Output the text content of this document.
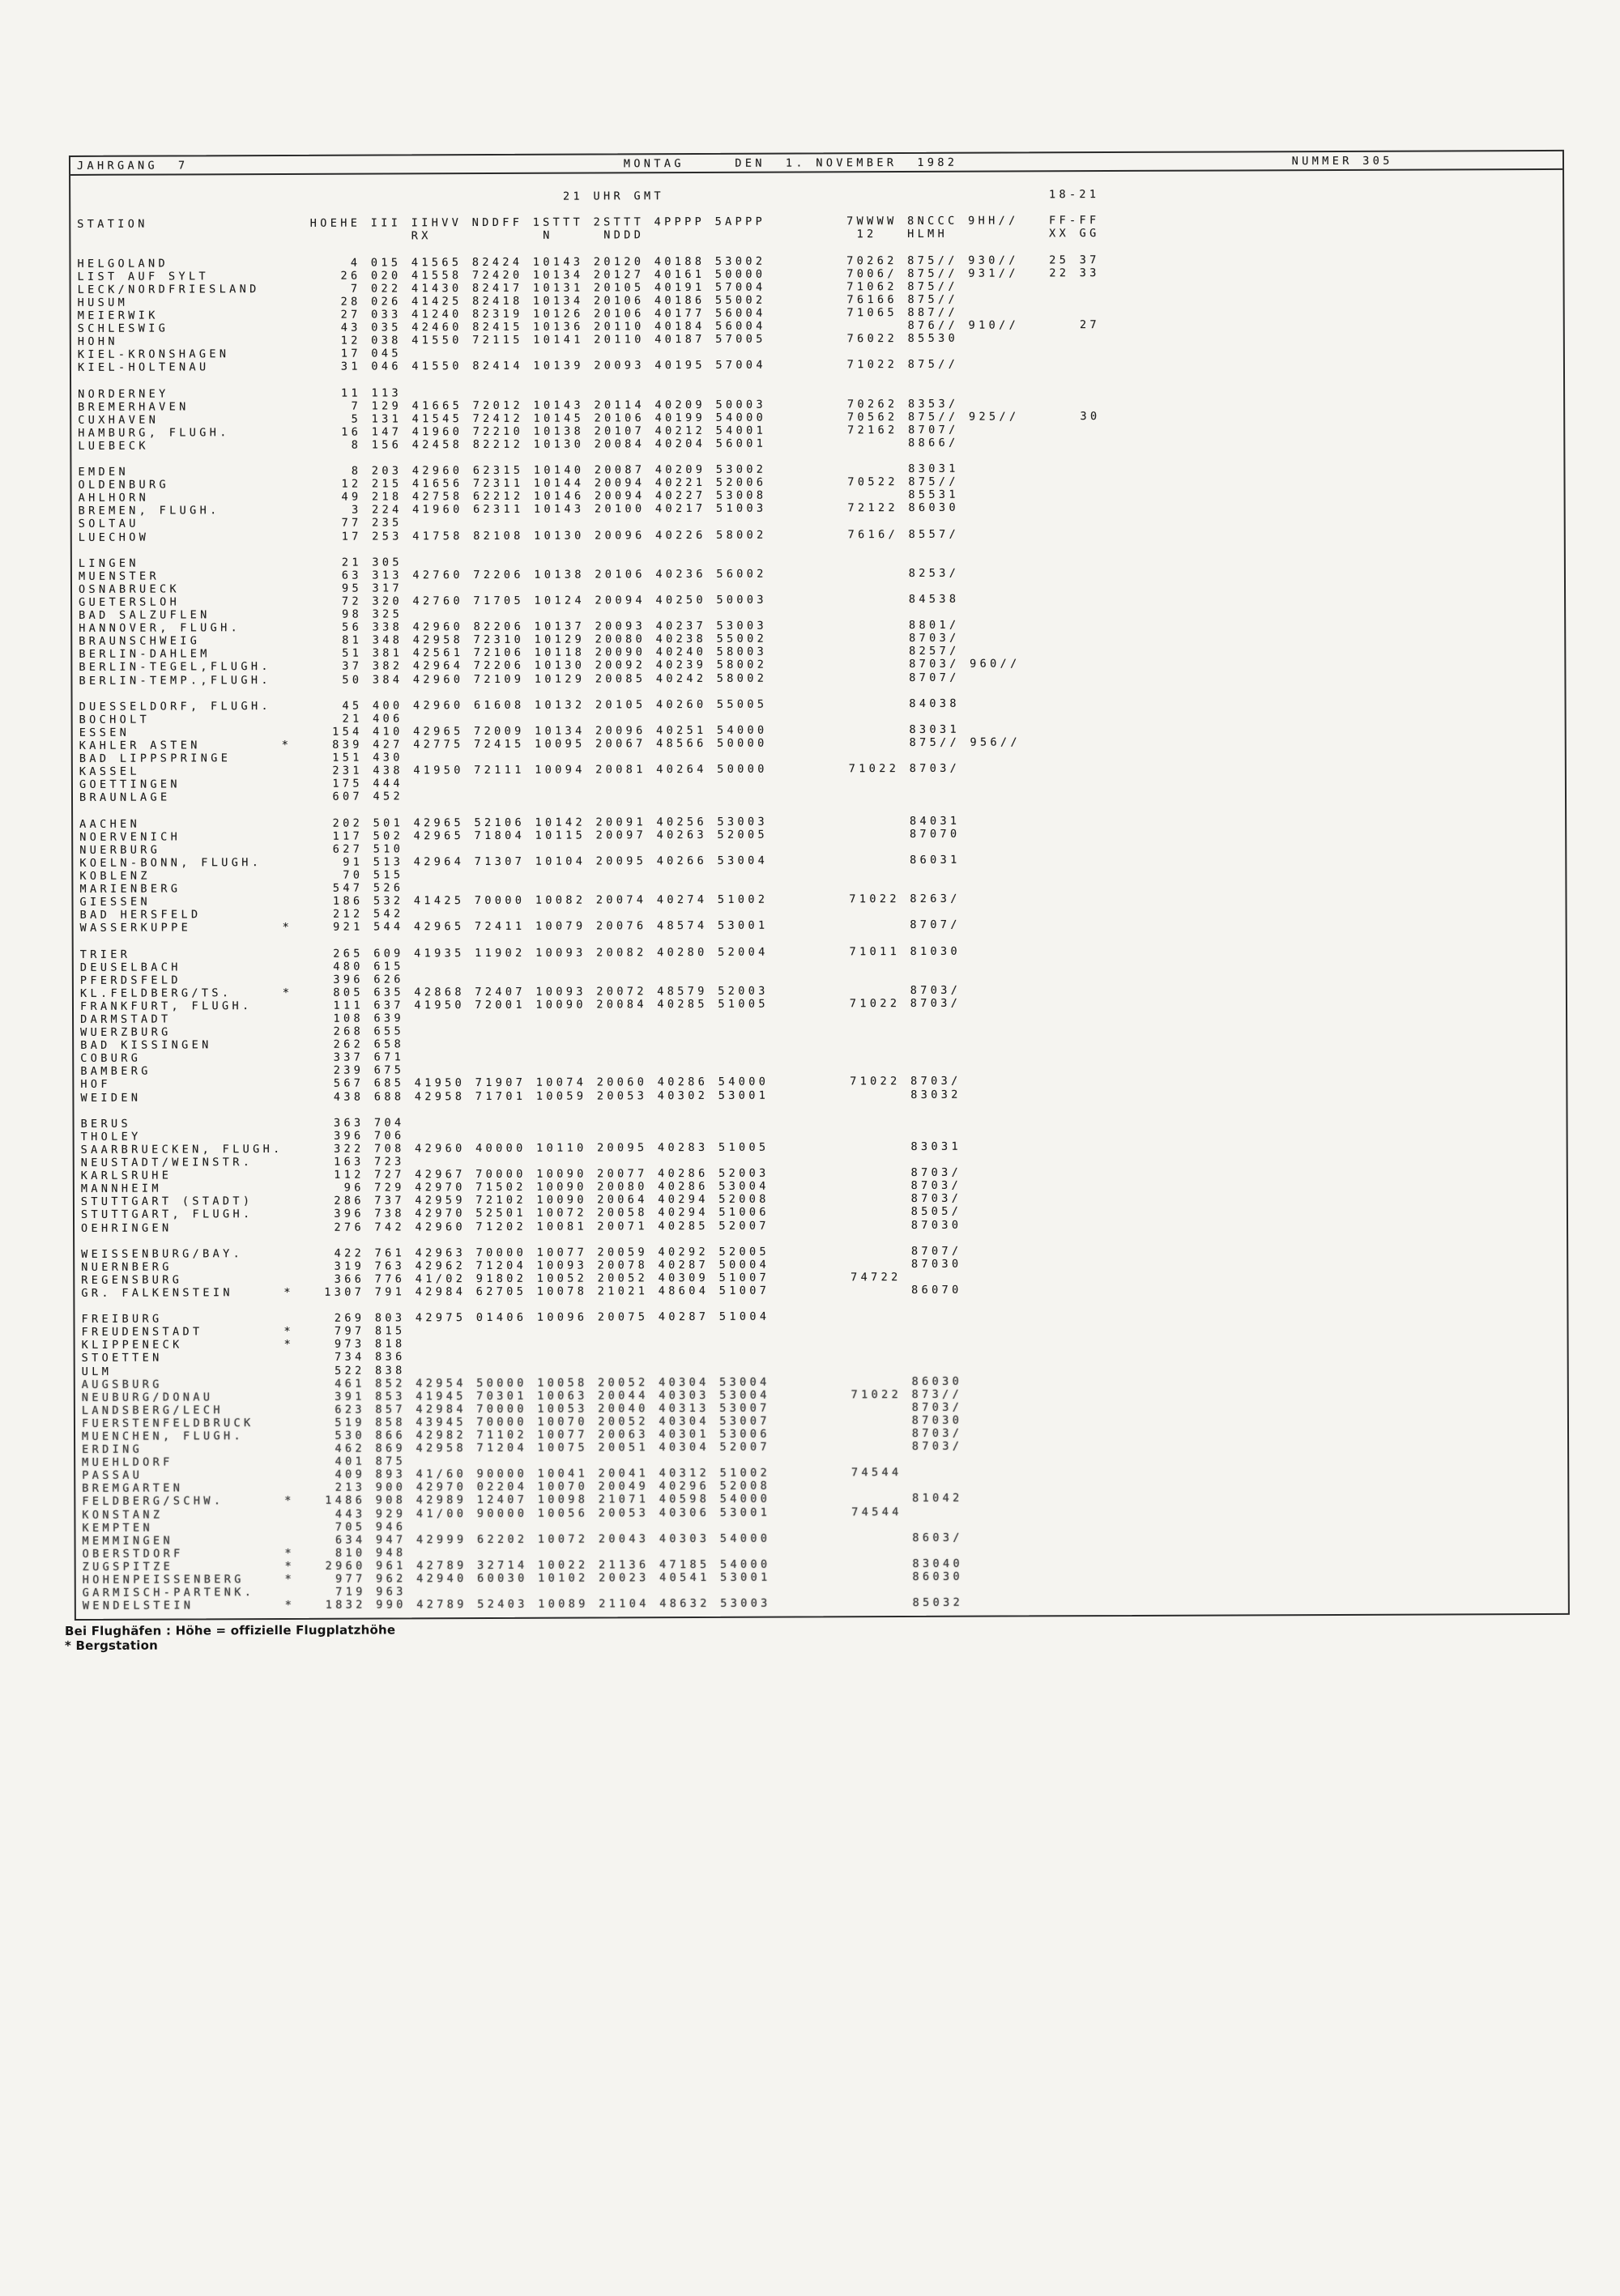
JAHRGANG  7                                           MONTAG     DEN  1. NOVEMBER  1982                                 NUMMER 305

21 UHR GMT                                      18-21

STATION                HOEHE III IIHVV NDDFF 1STTT 2STTT 4PPPP 5APPP        7WWWW 8NCCC 9HH//   FF-FF
RX           N     NDDD                     12   HLMH          XX GG

HELGOLAND                  4 015 41565 82424 10143 20120 40188 53002        70262 875// 930//   25 37
LIST AUF SYLT             26 020 41558 72420 10134 20127 40161 50000        7006/ 875// 931//   22 33
LECK/NORDFRIESLAND         7 022 41430 82417 10131 20105 40191 57004        71062 875//
HUSUM                     28 026 41425 82418 10134 20106 40186 55002        76166 875//
MEIERWIK                  27 033 41240 82319 10126 20106 40177 56004        71065 887//
SCHLESWIG                 43 035 42460 82415 10136 20110 40184 56004              876// 910//      27
HOHN                      12 038 41550 72115 10141 20110 40187 57005        76022 85530
KIEL-KRONSHAGEN           17 045
KIEL-HOLTENAU             31 046 41550 82414 10139 20093 40195 57004        71022 875//

NORDERNEY                 11 113
BREMERHAVEN                7 129 41665 72012 10143 20114 40209 50003        70262 8353/
CUXHAVEN                   5 131 41545 72412 10145 20106 40199 54000        70562 875// 925//      30
HAMBURG, FLUGH.           16 147 41960 72210 10138 20107 40212 54001        72162 8707/
LUEBECK                    8 156 42458 82212 10130 20084 40204 56001              8866/

EMDEN                      8 203 42960 62315 10140 20087 40209 53002              83031
OLDENBURG                 12 215 41656 72311 10144 20094 40221 52006        70522 875//
AHLHORN                   49 218 42758 62212 10146 20094 40227 53008              85531
BREMEN, FLUGH.             3 224 41960 62311 10143 20100 40217 51003        72122 86030
SOLTAU                    77 235
LUECHOW                   17 253 41758 82108 10130 20096 40226 58002        7616/ 8557/

LINGEN                    21 305
MUENSTER                  63 313 42760 72206 10138 20106 40236 56002              8253/
OSNABRUECK                95 317
GUETERSLOH                72 320 42760 71705 10124 20094 40250 50003              84538
BAD SALZUFLEN             98 325
HANNOVER, FLUGH.          56 338 42960 82206 10137 20093 40237 53003              8801/
BRAUNSCHWEIG              81 348 42958 72310 10129 20080 40238 55002              8703/
BERLIN-DAHLEM             51 381 42561 72106 10118 20090 40240 58003              8257/
BERLIN-TEGEL,FLUGH.       37 382 42964 72206 10130 20092 40239 58002              8703/ 960//
BERLIN-TEMP.,FLUGH.       50 384 42960 72109 10129 20085 40242 58002              8707/

DUESSELDORF, FLUGH.       45 400 42960 61608 10132 20105 40260 55005              84038
BOCHOLT                   21 406
ESSEN                    154 410 42965 72009 10134 20096 40251 54000              83031
KAHLER ASTEN        *    839 427 42775 72415 10095 20067 48566 50000              875// 956//
BAD LIPPSPRINGE          151 430
KASSEL                   231 438 41950 72111 10094 20081 40264 50000        71022 8703/
GOETTINGEN               175 444
BRAUNLAGE                607 452

AACHEN                   202 501 42965 52106 10142 20091 40256 53003              84031
NOERVENICH               117 502 42965 71804 10115 20097 40263 52005              87070
NUERBURG                 627 510
KOELN-BONN, FLUGH.        91 513 42964 71307 10104 20095 40266 53004              86031
KOBLENZ                   70 515
MARIENBERG               547 526
GIESSEN                  186 532 41425 70000 10082 20074 40274 51002        71022 8263/
BAD HERSFELD             212 542
WASSERKUPPE         *    921 544 42965 72411 10079 20076 48574 53001              8707/

TRIER                    265 609 41935 11902 10093 20082 40280 52004        71011 81030
DEUSELBACH               480 615
PFERDSFELD               396 626
KL.FELDBERG/TS.     *    805 635 42868 72407 10093 20072 48579 52003              8703/
FRANKFURT, FLUGH.        111 637 41950 72001 10090 20084 40285 51005        71022 8703/
DARMSTADT                108 639
WUERZBURG                268 655
BAD KISSINGEN            262 658
COBURG                   337 671
BAMBERG                  239 675
HOF                      567 685 41950 71907 10074 20060 40286 54000        71022 8703/
WEIDEN                   438 688 42958 71701 10059 20053 40302 53001              83032

BERUS                    363 704
THOLEY                   396 706
SAARBRUECKEN, FLUGH.     322 708 42960 40000 10110 20095 40283 51005              83031
NEUSTADT/WEINSTR.        163 723
KARLSRUHE                112 727 42967 70000 10090 20077 40286 52003              8703/
MANNHEIM                  96 729 42970 71502 10090 20080 40286 53004              8703/
STUTTGART (STADT)        286 737 42959 72102 10090 20064 40294 52008              8703/
STUTTGART, FLUGH.        396 738 42970 52501 10072 20058 40294 51006              8505/
OEHRINGEN                276 742 42960 71202 10081 20071 40285 52007              87030

WEISSENBURG/BAY.         422 761 42963 70000 10077 20059 40292 52005              8707/
NUERNBERG                319 763 42962 71204 10093 20078 40287 50004              87030
REGENSBURG               366 776 41/02 91802 10052 20052 40309 51007        74722
GR. FALKENSTEIN     *   1307 791 42984 62705 10078 21021 48604 51007              86070

FREIBURG                 269 803 42975 01406 10096 20075 40287 51004
FREUDENSTADT        *    797 815
KLIPPENECK          *    973 818
STOETTEN                 734 836
ULM                      522 838
AUGSBURG                 461 852 42954 50000 10058 20052 40304 53004              86030
NEUBURG/DONAU            391 853 41945 70301 10063 20044 40303 53004        71022 873//
LANDSBERG/LECH           623 857 42984 70000 10053 20040 40313 53007              8703/
FUERSTENFELDBRUCK        519 858 43945 70000 10070 20052 40304 53007              87030
MUENCHEN, FLUGH.         530 866 42982 71102 10077 20063 40301 53006              8703/
ERDING                   462 869 42958 71204 10075 20051 40304 52007              8703/
MUEHLDORF                401 875
PASSAU                   409 893 41/60 90000 10041 20041 40312 51002        74544
BREMGARTEN               213 900 42970 02204 10070 20049 40296 52008
FELDBERG/SCHW.      *   1486 908 42989 12407 10098 21071 40598 54000              81042
KONSTANZ                 443 929 41/00 90000 10056 20053 40306 53001        74544
KEMPTEN                  705 946
MEMMINGEN                634 947 42999 62202 10072 20043 40303 54000              8603/
OBERSTDORF          *    810 948
ZUGSPITZE           *   2960 961 42789 32714 10022 21136 47185 54000              83040
HOHENPEISSENBERG    *    977 962 42940 60030 10102 20023 40541 53001              86030
GARMISCH-PARTENK.        719 963
WENDELSTEIN         *   1832 990 42789 52403 10089 21104 48632 53003              85032
Bei Flughäfen : Höhe = offizielle Flugplatzhöhe
* Bergstation
